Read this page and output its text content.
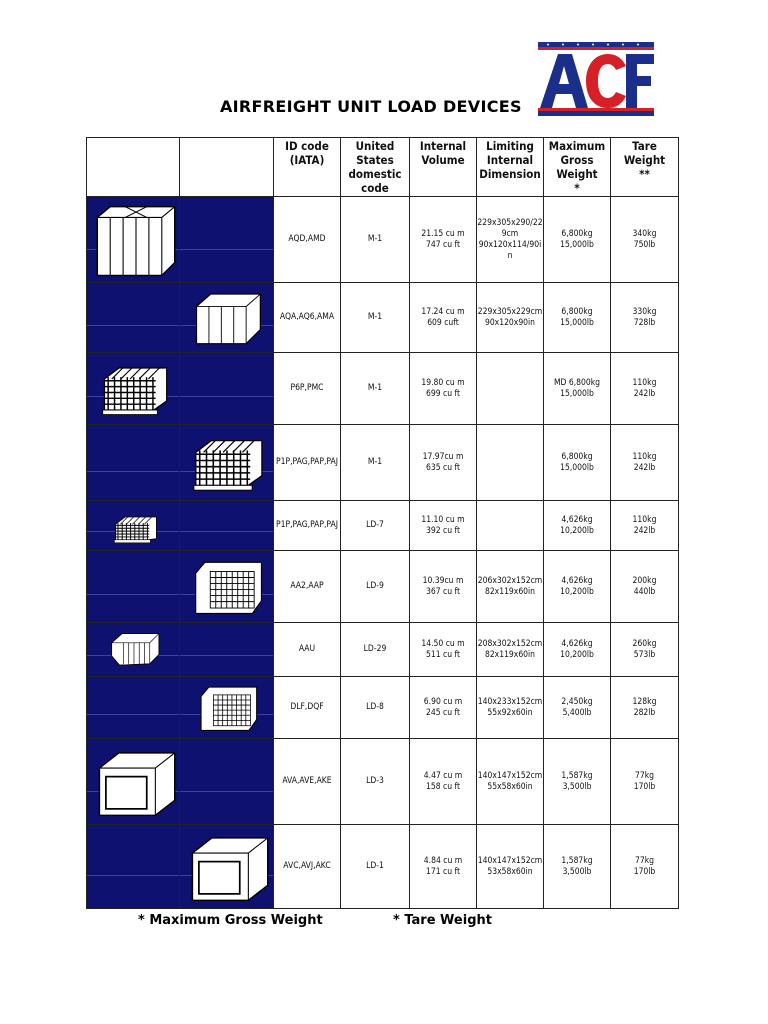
AIRFREIGHT UNIT LOAD DEVICES
		ID code
(IATA)	United
States
domestic
code	Internal
Volume	Limiting
Internal
Dimension	Maximum
Gross
Weight
*	Tare
Weight
**

AQD,AMD	M-1	21.15 cu m
747 cu ft	229x305x290/22
9cm
90x120x114/90i
n	6,800kg
15,000lb	340kg
750lb

AQA,AQ6,AMA	M-1	17.24 cu m
609 cuft	229x305x229cm
90x120x90in	6,800kg
15,000lb	330kg
728lb

P6P,PMC	M-1	19.80 cu m
699 cu ft		MD 6,800kg
15,000lb	110kg
242lb

P1P,PAG,PAP,PAJ	M-1	17.97cu m
635 cu ft		6,800kg
15,000lb	110kg
242lb

P1P,PAG,PAP,PAJ	LD-7	11.10 cu m
392 cu ft		4,626kg
10,200lb	110kg
242lb

AA2,AAP	LD-9	10.39cu m
367 cu ft	206x302x152cm
82x119x60in	4,626kg
10,200lb	200kg
440lb

AAU	LD-29	14.50 cu m
511 cu ft	208x302x152cm
82x119x60in	4,626kg
10,200lb	260kg
573lb

DLF,DQF	LD-8	6.90 cu m
245 cu ft	140x233x152cm
55x92x60in	2,450kg
5,400lb	128kg
282lb

AVA,AVE,AKE	LD-3	4.47 cu m
158 cu ft	140x147x152cm
55x58x60in	1,587kg
3,500lb	77kg
170lb

AVC,AVJ,AKC	LD-1	4.84 cu m
171 cu ft	140x147x152cm
53x58x60in	1,587kg
3,500lb	77kg
170lb
* Maximum Gross Weight	* Tare Weight
